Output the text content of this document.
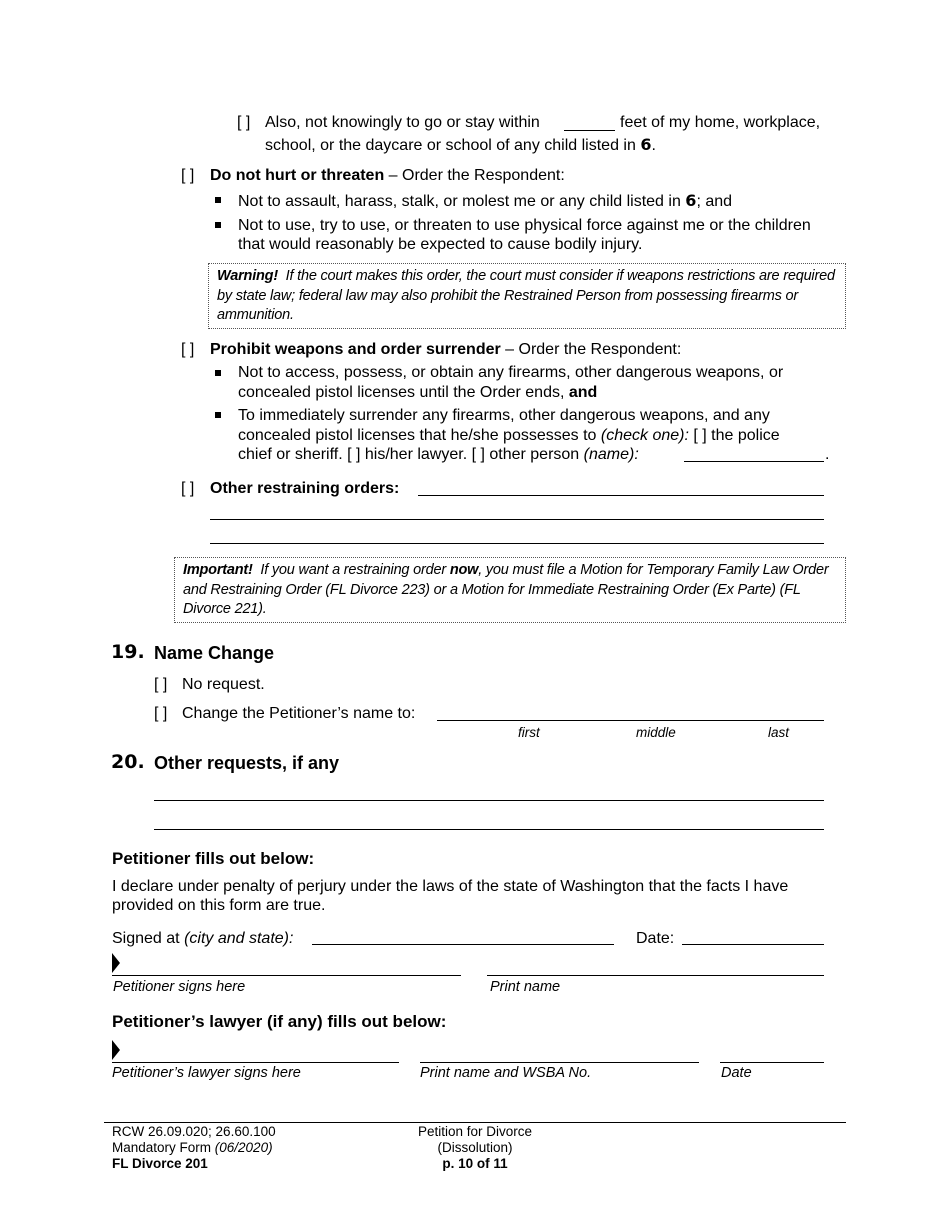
[ ] Also, not knowingly to go or stay within	feet of my home, workplace,
school, or the daycare or school of any child listed in 6.
[ ] Do not hurt or threaten – Order the Respondent:
Not to assault, harass, stalk, or molest me or any child listed in 6; and
Not to use, try to use, or threaten to use physical force against me or the children
that would reasonably be expected to cause bodily injury.
Warning! If the court makes this order, the court must consider if weapons restrictions are required by state law; federal law may also prohibit the Restrained Person from possessing firearms or ammunition.
[ ] Prohibit weapons and order surrender – Order the Respondent:
Not to access, possess, or obtain any firearms, other dangerous weapons, or
concealed pistol licenses until the Order ends, and
To immediately surrender any firearms, other dangerous weapons, and any
concealed pistol licenses that he/she possesses to (check one): [ ] the police
chief or sheriff. [ ] his/her lawyer. [ ] other person (name):	.
[ ] Other restraining orders:
Important! If you want a restraining order now, you must file a Motion for Temporary Family Law Order and Restraining Order (FL Divorce 223) or a Motion for Immediate Restraining Order (Ex Parte) (FL Divorce 221).
19. Name Change
[ ] No request.
[ ] Change the Petitioner’s name to:
first	middle	last
20. Other requests, if any
Petitioner fills out below:
I declare under penalty of perjury under the laws of the state of Washington that the facts I have
provided on this form are true.
Signed at (city and state):	Date:
Petitioner signs here	Print name
Petitioner’s lawyer (if any) fills out below:
Petitioner’s lawyer signs here	Print name and WSBA No.	Date
RCW 26.09.020; 26.60.100
Mandatory Form (06/2020)
FL Divorce 201
Petition for Divorce
(Dissolution)
p. 10 of 11
